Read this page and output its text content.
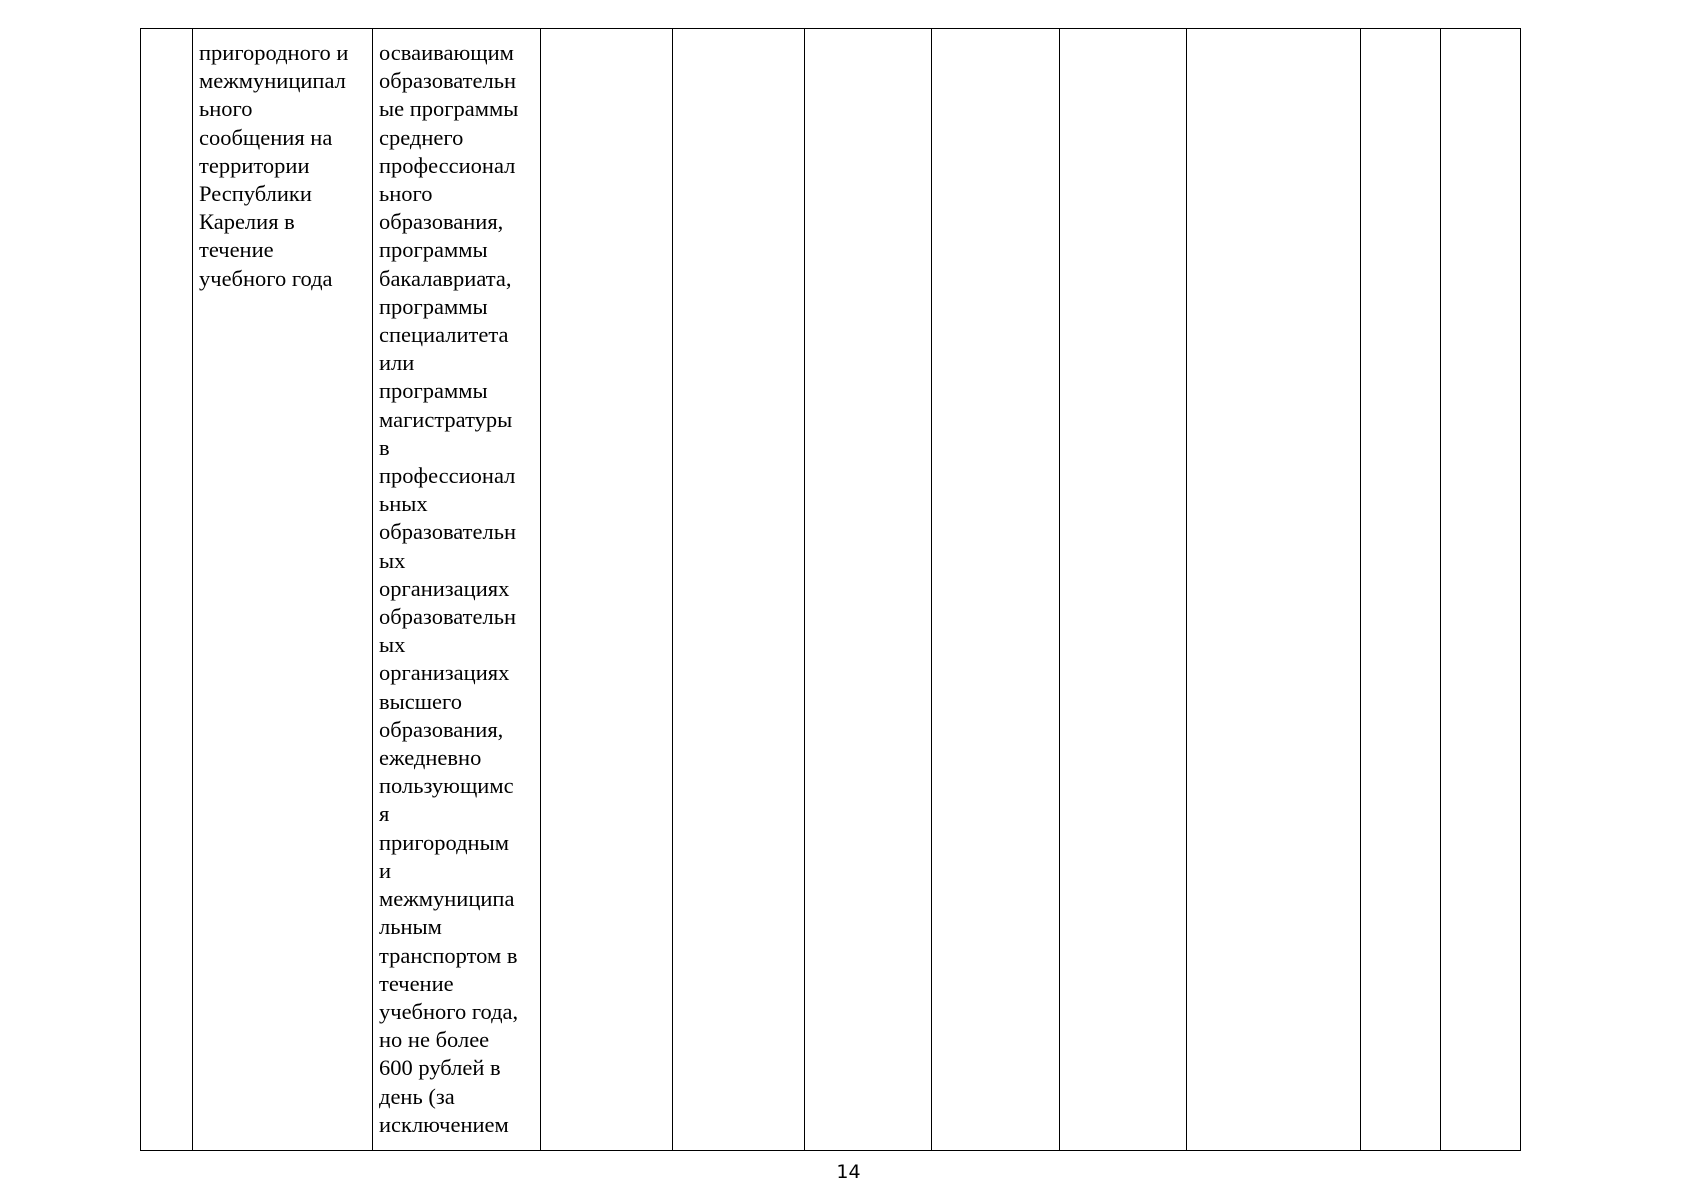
	пригородного и
межмуниципал
ьного
сообщения на
территории
Республики
Карелия в
течение
учебного года	осваивающим
образовательн
ые программы
среднего
профессионал
ьного
образования,
программы
бакалавриата,
программы
специалитета
или
программы
магистратуры
в
профессионал
ьных
образовательн
ых
организациях
образовательн
ых
организациях
высшего
образования,
ежедневно
пользующимс
я
пригородным
и
межмуниципа
льным
транспортом в
течение
учебного года,
но не более
600 рублей в
день (за
исключением								
14
